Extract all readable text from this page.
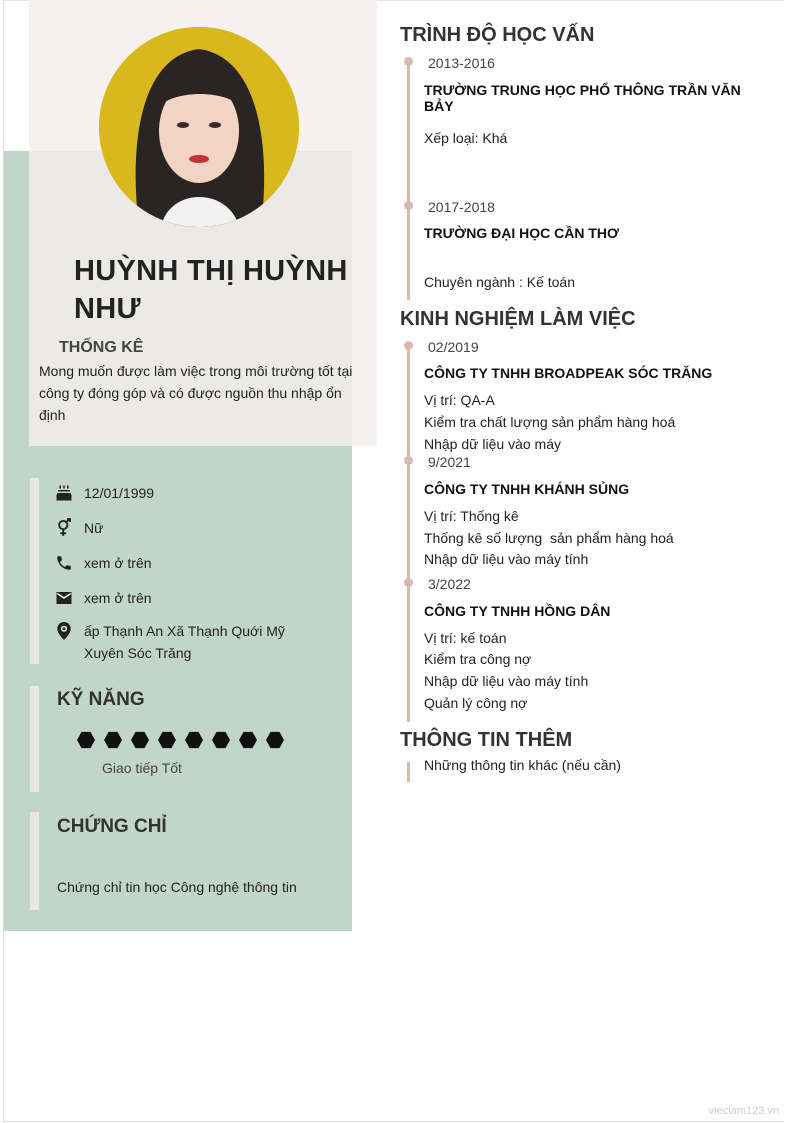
HUỲNH THỊ HUỲNH NHƯ

THỐNG KÊ

Mong muốn được làm việc trong môi trường tốt tại công ty đóng góp và có được nguồn thu nhập ổn định

12/01/1999
Nữ
xem ở trên
xem ở trên
ấp Thạnh An Xã Thạnh Quới Mỹ Xuyên Sóc Trăng
KỸ NĂNG
Giao tiếp Tốt
CHỨNG CHỈ
Chứng chỉ tin học Công nghệ thông tin
TRÌNH ĐỘ HỌC VẤN
2013-2016
TRƯỜNG TRUNG HỌC PHỔ THÔNG TRẦN VĂN BẢY
Xếp loại: Khá
2017-2018
TRƯỜNG ĐẠI HỌC CẦN THƠ
Chuyên ngành : Kế toán
KINH NGHIỆM LÀM VIỆC
02/2019
CÔNG TY TNHH BROADPEAK SÓC TRĂNG
Vị trí: QA-A
Kiểm tra chất lượng sản phẩm hàng hoá
Nhập dữ liệu vào máy
9/2021
CÔNG TY TNHH KHÁNH SỦNG
Vị trí: Thống kê
Thống kê số lượng  sản phẩm hàng hoá
Nhập dữ liệu vào máy tính
3/2022
CÔNG TY TNHH HỒNG DÂN
Vị trí: kế toán
Kiểm tra công nợ
Nhập dữ liệu vào máy tính
Quản lý công nợ
THÔNG TIN THÊM
Những thông tin khác (nếu cần)
vieclam123.vn
